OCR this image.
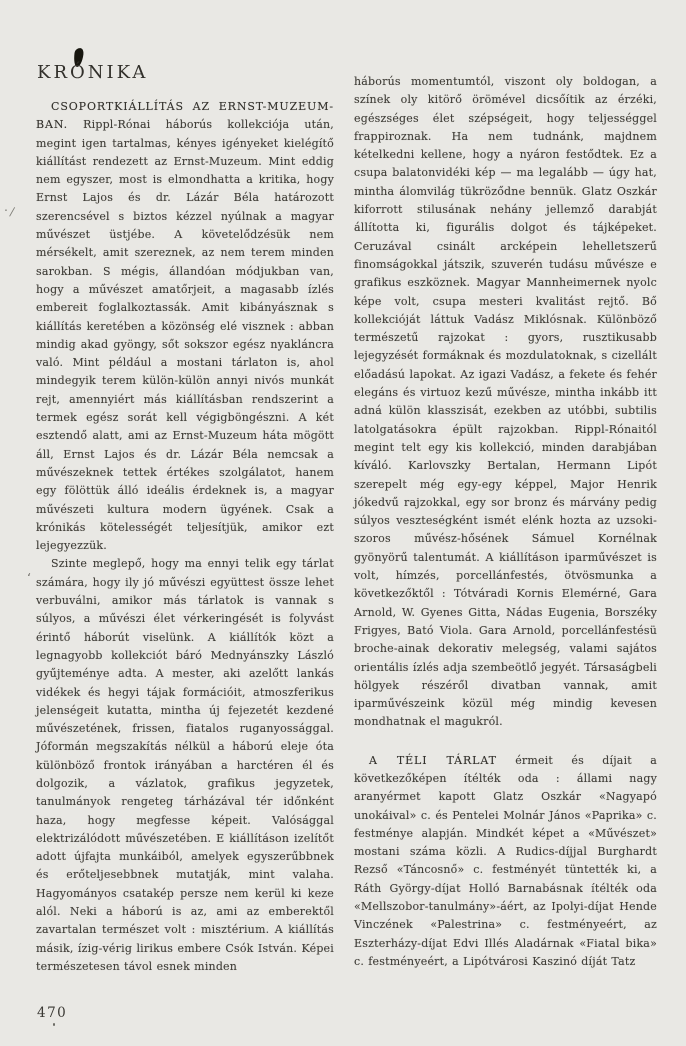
· /
ʻ
KRÓNIKA

CSOPORTKIÁLLÍTÁS AZ ERNST-MUZEUM-BAN. Rippl-Rónai háborús kollekciója után, megint igen tartalmas, kényes igényeket kielégítő kiállítást rendezett az Ernst-Muzeum. Mint eddig nem egyszer, most is elmondhatta a kritika, hogy Ernst Lajos és dr. Lázár Béla határozott szerencsével s biztos kézzel nyúlnak a magyar művészet üstjébe. A követelődzésük nem mérsékelt, amit szereznek, az nem terem minden sarokban. S mégis, állandóan módjukban van, hogy a művészet amatőrjeit, a magasabb ízlés embereit foglalkoztassák. Amit kibányásznak s kiállítás keretében a közönség elé visznek : abban mindig akad gyöngy, sőt sokszor egész nyakláncra való. Mint például a mostani tárlaton is, ahol mindegyik terem külön-külön annyi nivós munkát rejt, amennyiért más kiállításban rendszerint a termek egész sorát kell végigböngészni. A két esztendő alatt, ami az Ernst-Muzeum háta mögött áll, Ernst Lajos és dr. Lázár Béla nemcsak a művészeknek tettek értékes szolgálatot, hanem egy fölöttük álló ideális érdeknek is, a magyar művészeti kultura modern ügyének. Csak a krónikás kötelességét teljesítjük, amikor ezt lejegyezzük.

Szinte meglepő, hogy ma ennyi telik egy tárlat számára, hogy ily jó művészi együttest össze lehet verbuválni, amikor más tárlatok is vannak s súlyos, a művészi élet vérkeringését is folyvást érintő háborút viselünk. A kiállítók közt a legnagyobb kollekciót báró Mednyánszky László gyűjteménye adta. A mester, aki azelőtt lankás vidékek és hegyi tájak formációit, atmoszferikus jelenségeit kutatta, mintha új fejezetét kezdené művészetének, frissen, fiatalos ruganyossággal. Jóformán megszakítás nélkül a háború eleje óta különböző frontok irányában a harctéren él és dolgozik, a vázlatok, grafikus jegyzetek, tanulmányok rengeteg tárházával tér időnként haza, hogy megfesse képeit. Valósággal elektrizálódott művészetében. E kiállításon izelítőt adott újfajta munkáiból, amelyek egyszerűbbnek és erőteljesebbnek mutatják, mint valaha. Hagyományos csatakép persze nem kerül ki keze alól. Neki a háború is az, ami az emberektől zavartalan természet volt : misztérium. A kiállítás másik, ízig-vérig lirikus embere Csók István. Képei természetesen távol esnek minden

háborús momentumtól, viszont oly boldogan, a színek oly kitörő örömével dicsőítik az érzéki, egészséges élet szépségeit, hogy teljességgel frappiroznak. Ha nem tudnánk, majdnem kételkedni kellene, hogy a nyáron festődtek. Ez a csupa balatonvidéki kép — ma legalább — úgy hat, mintha álomvilág tükröződne bennük. Glatz Oszkár kiforrott stilusának nehány jellemző darabját állította ki, figurális dolgot és tájképeket. Ceruzával csinált arcképein lehelletszerű finomságokkal játszik, szuverén tudásu művésze e grafikus eszköznek. Magyar Mannheimernek nyolc képe volt, csupa mesteri kvalitást rejtő. Bő kollekcióját láttuk Vadász Miklósnak. Különböző természetű rajzokat : gyors, rusztikusabb lejegyzését formáknak és mozdulatoknak, s cizellált előadású lapokat. Az igazi Vadász, a fekete és fehér elegáns és virtuoz kezű művésze, mintha inkább itt adná külön klasszisát, ezekben az utóbbi, subtilis latolgatásokra épült rajzokban. Rippl-Rónaitól megint telt egy kis kollekció, minden darabjában kíváló. Karlovszky Bertalan, Hermann Lipót szerepelt még egy-egy képpel, Major Henrik jókedvű rajzokkal, egy sor bronz és márvány pedig súlyos veszteségként ismét elénk hozta az uzsoki-szoros művész-hősének Sámuel Kornélnak gyönyörű talentumát. A kiállításon iparművészet is volt, hímzés, porcellánfestés, ötvösmunka a következőktől : Tótváradi Kornis Elemérné, Gara Arnold, W. Gyenes Gitta, Nádas Eugenia, Borszéky Frigyes, Bató Viola. Gara Arnold, porcellánfestésü broche-ainak dekorativ melegség, valami sajátos orientális ízlés adja szembeötlő jegyét. Társaságbeli hölgyek részéről divatban vannak, amit iparművészeink közül még mindig kevesen mondhatnak el magukról.

A TÉLI TÁRLAT érmeit és díjait a következőképen ítélték oda : állami nagy aranyérmet kapott Glatz Oszkár «Nagyapó unokáival» c. és Pentelei Molnár János «Paprika» c. festménye alapján. Mindkét képet a «Művészet» mostani száma közli. A Rudics-díjjal Burghardt Rezső «Táncosnő» c. festményét tüntették ki, a Ráth György-díjat Holló Barnabásnak ítélték oda «Mellszobor-tanulmány»-áért, az Ipolyi-díjat Hende Vinczének «Palestrina» c. festményeért, az Eszterházy-díjat Edvi Illés Aladárnak «Fiatal bika» c. festményeért, a Lipótvárosi Kaszinó díját Tatz

470
